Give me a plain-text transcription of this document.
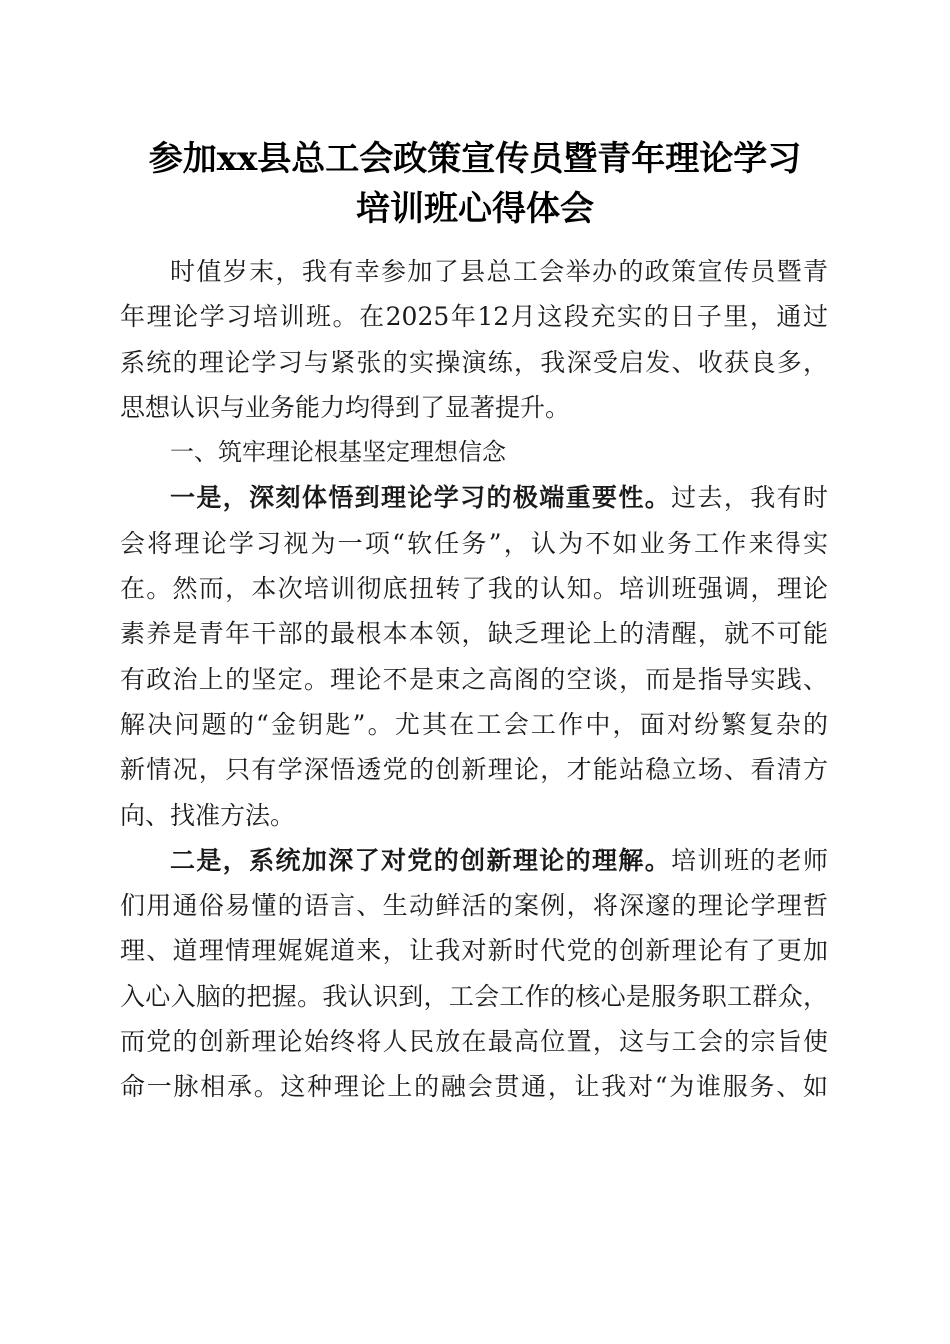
参加xx县总工会政策宣传员暨青年理论学习
培训班心得体会
时值岁末，我有幸参加了县总工会举办的政策宣传员暨青
年理论学习培训班。在2025年12月这段充实的日子里，通过
系统的理论学习与紧张的实操演练，我深受启发、收获良多，
思想认识与业务能力均得到了显著提升。
一、筑牢理论根基坚定理想信念
一是，深刻体悟到理论学习的极端重要性。过去，我有时
会将理论学习视为一项“软任务”，认为不如业务工作来得实
在。然而，本次培训彻底扭转了我的认知。培训班强调，理论
素养是青年干部的最根本本领，缺乏理论上的清醒，就不可能
有政治上的坚定。理论不是束之高阁的空谈，而是指导实践、
解决问题的“金钥匙”。尤其在工会工作中，面对纷繁复杂的
新情况，只有学深悟透党的创新理论，才能站稳立场、看清方
向、找准方法。
二是，系统加深了对党的创新理论的理解。培训班的老师
们用通俗易懂的语言、生动鲜活的案例，将深邃的理论学理哲
理、道理情理娓娓道来，让我对新时代党的创新理论有了更加
入心入脑的把握。我认识到，工会工作的核心是服务职工群众，
而党的创新理论始终将人民放在最高位置，这与工会的宗旨使
命一脉相承。这种理论上的融会贯通，让我对“为谁服务、如
